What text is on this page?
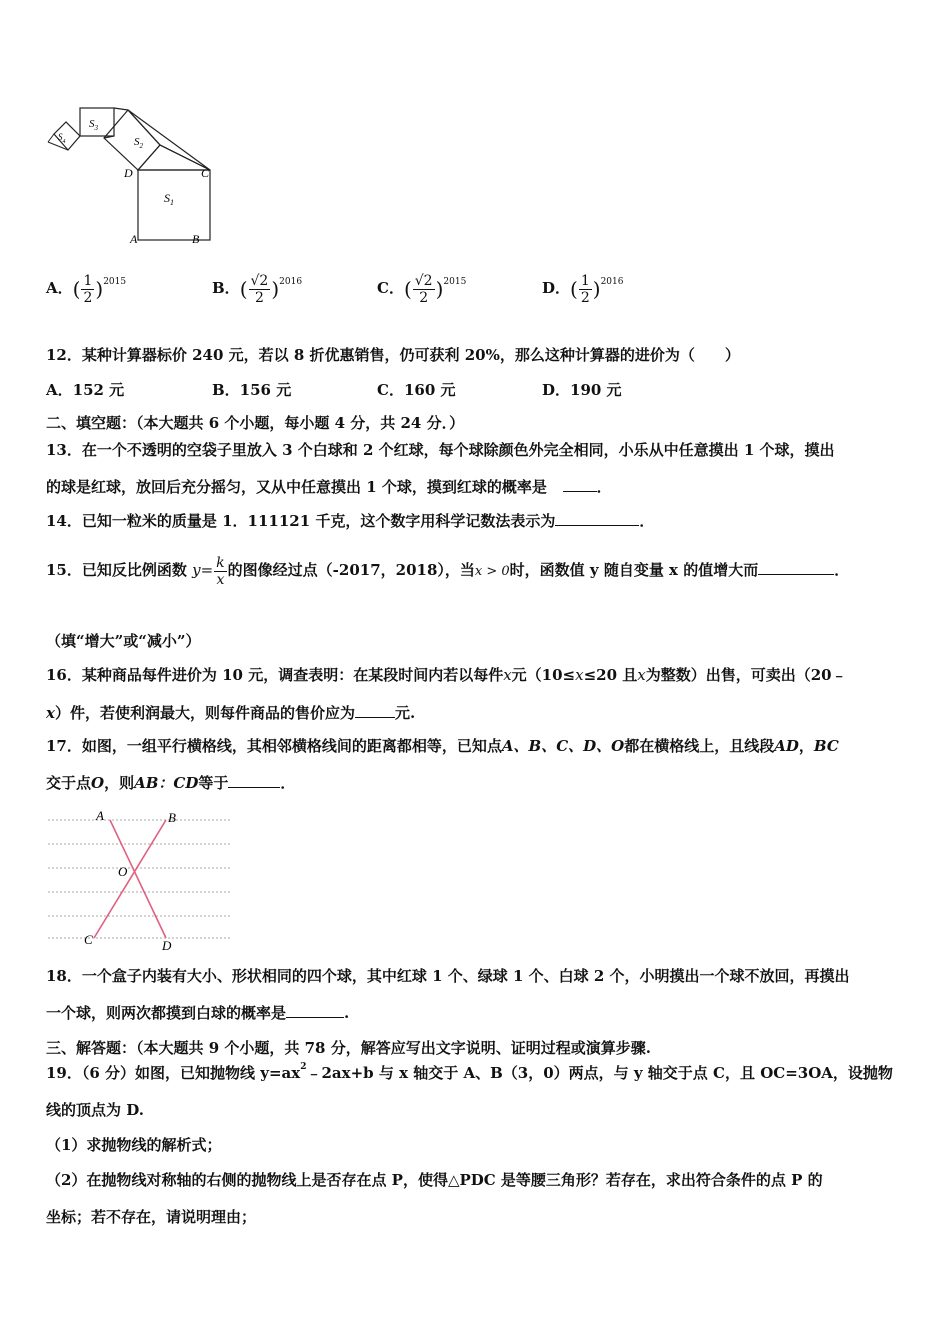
$S_3$
$S_2$
$S_4$
$S_1$
D	C
A	B
A．( $\frac{1}{2} )^{2015}$	B．( $\frac{√2}{2} )^{2016}$	C．( $\frac{√2}{2} )^{2015}$	D．( $\frac{1}{2} )^{2016}$
12．某种计算器标价 240 元，若以 8 折优惠销售，仍可获利 20%，那么这种计算器的进价为（　　）
A．152 元	B．156 元	C．160 元	D．190 元
二、填空题：（本大题共 6 个小题，每小题 4 分，共 24 分．）
13．在一个不透明的空袋子里放入 3 个白球和 2 个红球，每个球除颜色外完全相同，小乐从中任意摸出 1 个球，摸出
的球是红球，放回后充分摇匀，又从中任意摸出 1 个球，摸到红球的概率是	．
14．已知一粒米的质量是 1．111121 千克，这个数字用科学记数法表示为	．
15．已知反比例函数 $y= \frac{k}{x}$ 的图像经过点（-2017，2018），当x > 0时，函数值 y 随自变量 x 的值增大而	．
（填“增大”或“减小”）
16．某种商品每件进价为 10 元，调查表明：在某段时间内若以每件x元（10≤x≤20 且x为整数）出售，可卖出（20﹣
x）件，若使利润最大，则每件商品的售价应为	元.
17．如图，一组平行横格线，其相邻横格线间的距离都相等，已知点A、B、C、D、O都在横格线上，且线段AD，BC
交于点O，则AB：CD等于	．
A	B
O
C	D
18．一个盒子内装有大小、形状相同的四个球，其中红球 1 个、绿球 1 个、白球 2 个，小明摸出一个球不放回，再摸出
一个球，则两次都摸到白球的概率是	.
三、解答题：（本大题共 9 个小题，共 78 分，解答应写出文字说明、证明过程或演算步骤.
19．（6 分）如图，已知抛物线 $y=ax^2﹣2ax+b$ 与 x 轴交于 A、B（3，0）两点，与 y 轴交于点 C，且 OC=3OA，设抛物
线的顶点为 D.
（1）求抛物线的解析式；
（2）在抛物线对称轴的右侧的抛物线上是否存在点 P，使得△PDC 是等腰三角形？若存在，求出符合条件的点 P 的
坐标；若不存在，请说明理由；
